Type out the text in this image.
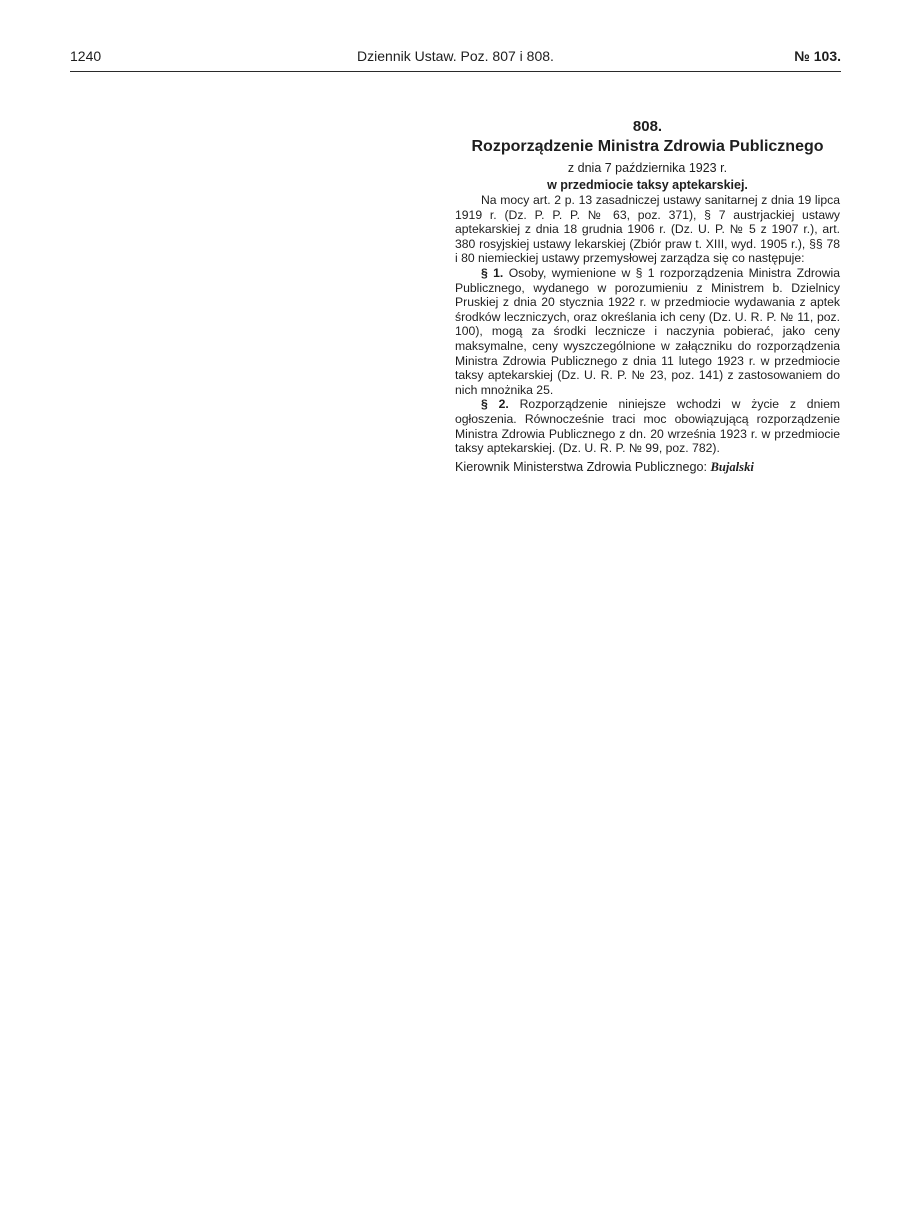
1240	Dziennik Ustaw. Poz. 807 i 808.	№ 103.
808.
Rozporządzenie Ministra Zdrowia Publicznego
z dnia 7 października 1923 r.
w przedmiocie taksy aptekarskiej.

Na mocy art. 2 p. 13 zasadniczej ustawy sanitarnej z dnia 19 lipca 1919 r. (Dz. P. P. P. № 63, poz. 371), § 7 austrjackiej ustawy aptekarskiej z dnia 18 grudnia 1906 r. (Dz. U. P. № 5 z 1907 r.), art. 380 rosyjskiej ustawy lekarskiej (Zbiór praw t. XIII, wyd. 1905 r.), §§ 78 i 80 niemieckiej ustawy przemysłowej zarządza się co następuje:

§ 1. Osoby, wymienione w § 1 rozporządzenia Ministra Zdrowia Publicznego, wydanego w porozumieniu z Ministrem b. Dzielnicy Pruskiej z dnia 20 stycznia 1922 r. w przedmiocie wydawania z aptek środków leczniczych, oraz określania ich ceny (Dz. U. R. P. № 11, poz. 100), mogą za środki lecznicze i naczynia pobierać, jako ceny maksymalne, ceny wyszczególnione w załączniku do rozporządzenia Ministra Zdrowia Publicznego z dnia 11 lutego 1923 r. w przedmiocie taksy aptekarskiej (Dz. U. R. P. № 23, poz. 141) z zastosowaniem do nich mnożnika 25.

§ 2. Rozporządzenie niniejsze wchodzi w życie z dniem ogłoszenia. Równocześnie traci moc obowiązującą rozporządzenie Ministra Zdrowia Publicznego z dn. 20 września 1923 r. w przedmiocie taksy aptekarskiej. (Dz. U. R. P. № 99, poz. 782).

Kierownik Ministerstwa Zdrowia Publicznego: Bujalski
